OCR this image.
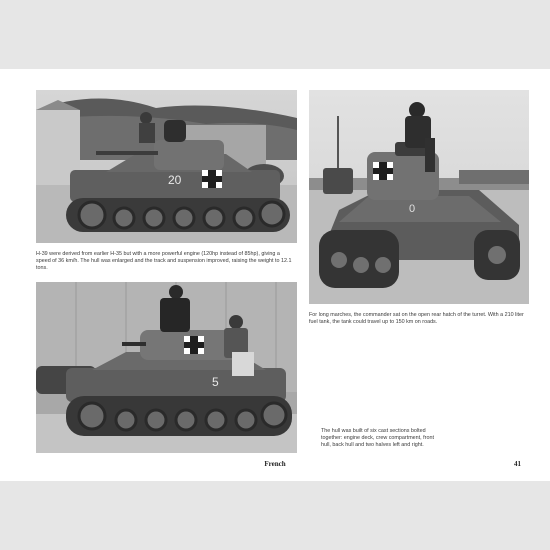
20
0
5

H-39 were derived from earlier H-35 but with a more powerful engine (120hp instead of 85hp), giving a speed of 36 km/h. The hull was enlarged and the track and suspension improved, raising the weight to 12.1 tons.

For long marches, the commander sat on the open rear hatch of the turret. With a 210 liter fuel tank, the tank could travel up to 150 km on roads.

The hull was built of six cast sections bolted together: engine deck, crew compartment, front hull, back hull and two halves left and right.

French	41
